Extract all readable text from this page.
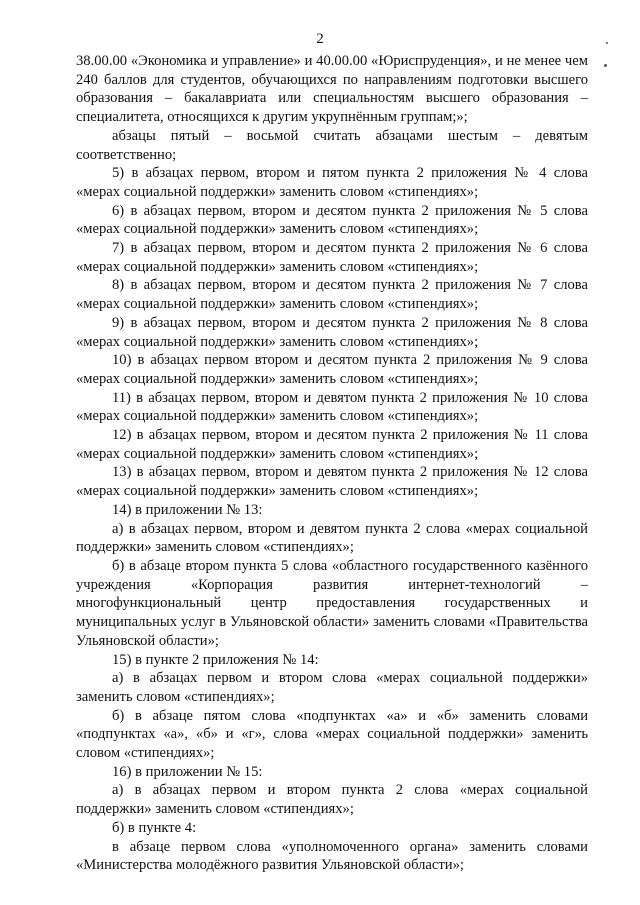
2

38.00.00 «Экономика и управление» и 40.00.00 «Юриспруденция», и не менее чем 240 баллов для студентов, обучающихся по направлениям подготовки высшего образования – бакалавриата или специальностям высшего образования – специалитета, относящихся к другим укрупнённым группам;»;

абзацы пятый – восьмой считать абзацами шестым – девятым соответственно;

5) в абзацах первом, втором и пятом пункта 2 приложения № 4 слова «мерах социальной поддержки» заменить словом «стипендиях»;

6) в абзацах первом, втором и десятом пункта 2 приложения № 5 слова «мерах социальной поддержки» заменить словом «стипендиях»;

7) в абзацах первом, втором и десятом пункта 2 приложения № 6 слова «мерах социальной поддержки» заменить словом «стипендиях»;

8) в абзацах первом, втором и десятом пункта 2 приложения № 7 слова «мерах социальной поддержки» заменить словом «стипендиях»;

9) в абзацах первом, втором и десятом пункта 2 приложения № 8 слова «мерах социальной поддержки» заменить словом «стипендиях»;

10) в абзацах первом втором и десятом пункта 2 приложения № 9 слова «мерах социальной поддержки» заменить словом «стипендиях»;

11) в абзацах первом, втором и девятом пункта 2 приложения № 10 слова «мерах социальной поддержки» заменить словом «стипендиях»;

12) в абзацах первом, втором и десятом пункта 2 приложения № 11 слова «мерах социальной поддержки» заменить словом «стипендиях»;

13) в абзацах первом, втором и девятом пункта 2 приложения № 12 слова «мерах социальной поддержки» заменить словом «стипендиях»;

14) в приложении № 13:

а) в абзацах первом, втором и девятом пункта 2 слова «мерах социальной поддержки» заменить словом «стипендиях»;

б) в абзаце втором пункта 5 слова «областного государственного казённого учреждения «Корпорация развития интернет-технологий – многофункциональный центр предоставления государственных и муниципальных услуг в Ульяновской области» заменить словами «Правительства Ульяновской области»;

15) в пункте 2 приложения № 14:

а) в абзацах первом и втором слова «мерах социальной поддержки» заменить словом «стипендиях»;

б) в абзаце пятом слова «подпунктах «а» и «б» заменить словами «подпунктах «а», «б» и «г», слова «мерах социальной поддержки» заменить словом «стипендиях»;

16) в приложении № 15:

а) в абзацах первом и втором пункта 2 слова «мерах социальной поддержки» заменить словом «стипендиях»;

б) в пункте 4:

в абзаце первом слова «уполномоченного органа» заменить словами «Министерства молодёжного развития Ульяновской области»;
